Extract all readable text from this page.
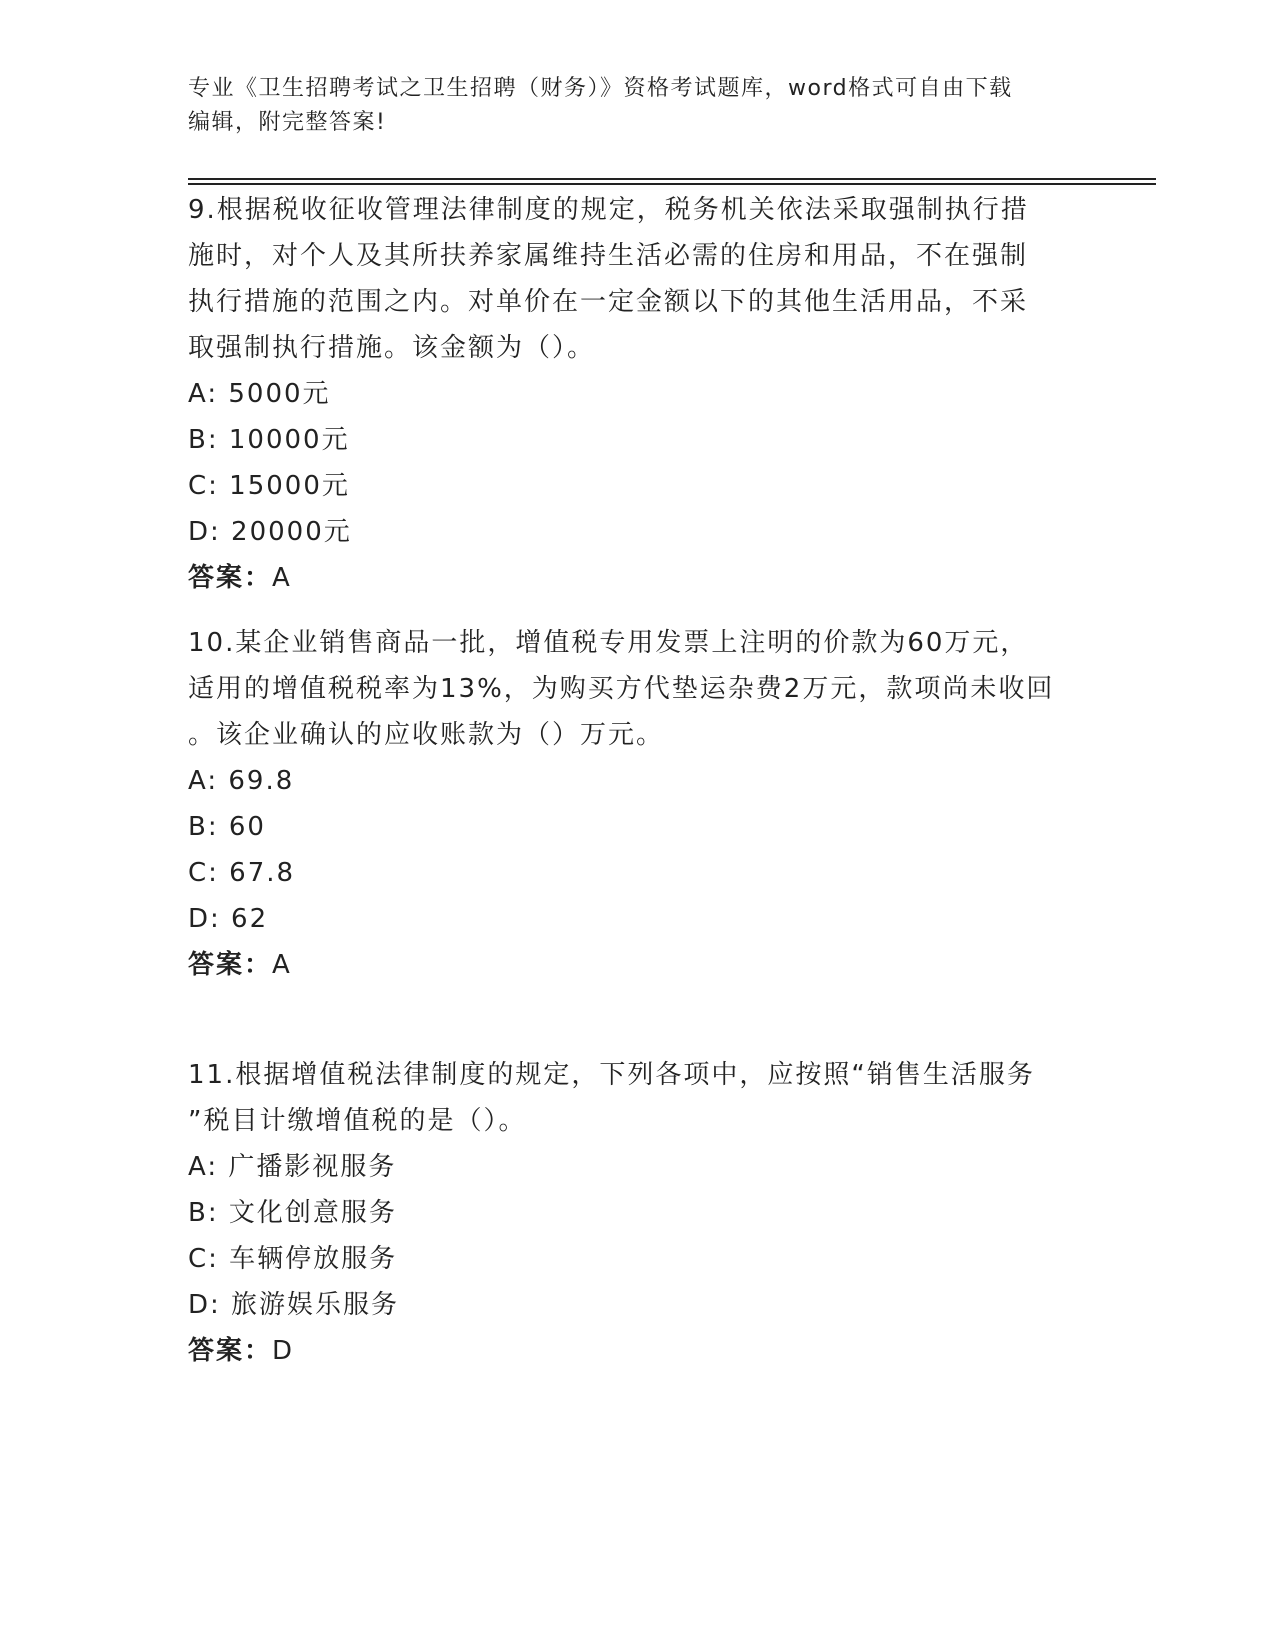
专业《卫生招聘考试之卫生招聘（财务）》资格考试题库，word格式可自由下载
编辑，附完整答案!
9.根据税收征收管理法律制度的规定，税务机关依法采取强制执行措
施时，对个人及其所扶养家属维持生活必需的住房和用品，不在强制
执行措施的范围之内。对单价在一定金额以下的其他生活用品，不采
取强制执行措施。该金额为（）。
A: 5000元
B: 10000元
C: 15000元
D: 20000元
答案：A
10.某企业销售商品一批，增值税专用发票上注明的价款为60万元，
适用的增值税税率为13%，为购买方代垫运杂费2万元，款项尚未收回
。该企业确认的应收账款为（）万元。
A: 69.8
B: 60
C: 67.8
D: 62
答案：A
11.根据增值税法律制度的规定，下列各项中，应按照“销售生活服务
”税目计缴增值税的是（）。
A: 广播影视服务
B: 文化创意服务
C: 车辆停放服务
D: 旅游娱乐服务
答案：D
